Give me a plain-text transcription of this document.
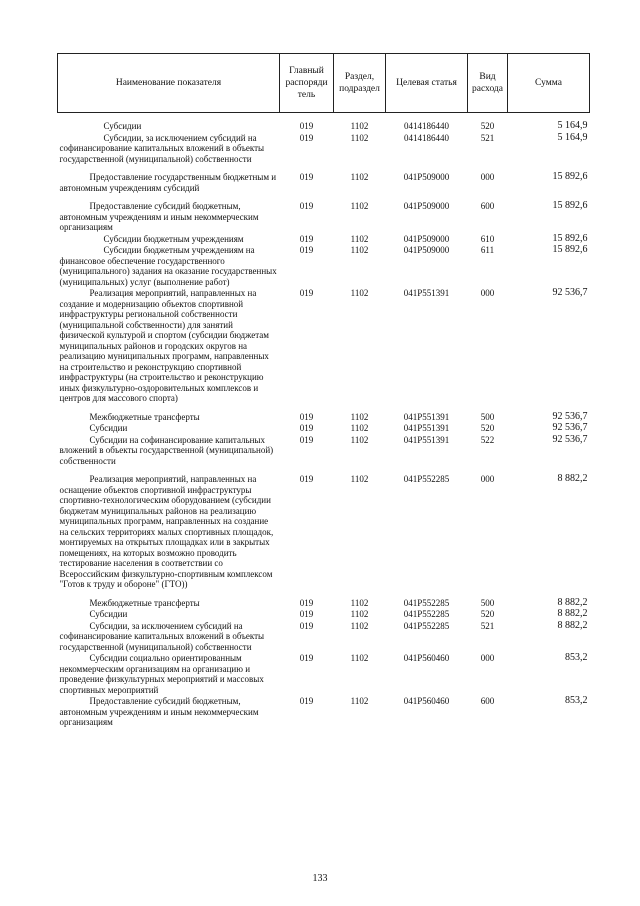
Наименование показателя	Главный распоряди тель	Раздел, подраздел	Целевая статья	Вид расхода	Сумма
Субсидии	019	1102	0414186440	520	5 164,9
Субсидии, за исключением субсидий на софинансирование капитальных вложений в объекты государственной (муниципальной) собственности	019	1102	0414186440	521	5 164,9
Предоставление государственным бюджетным и автономным учреждениям субсидий	019	1102	041P509000	000	15 892,6
Предоставление субсидий бюджетным, автономным учреждениям и иным некоммерческим организациям	019	1102	041P509000	600	15 892,6
Субсидии бюджетным учреждениям	019	1102	041P509000	610	15 892,6
Субсидии бюджетным учреждениям на финансовое обеспечение государственного (муниципального) задания на оказание государственных (муниципальных) услуг (выполнение работ)	019	1102	041P509000	611	15 892,6
Реализация мероприятий, направленных на создание и модернизацию объектов спортивной инфраструктуры региональной собственности (муниципальной собственности) для занятий физической культурой и спортом (субсидии бюджетам муниципальных районов и городских округов на реализацию муниципальных программ, направленных на строительство и реконструкцию спортивной инфраструктуры (на строительство и реконструкцию иных физкультурно-оздоровительных комплексов и центров для массового спорта)	019	1102	041P551391	000	92 536,7
Межбюджетные трансферты	019	1102	041P551391	500	92 536,7
Субсидии	019	1102	041P551391	520	92 536,7
Субсидии на софинансирование капитальных вложений в объекты государственной (муниципальной) собственности	019	1102	041P551391	522	92 536,7
Реализация мероприятий, направленных на оснащение объектов спортивной инфраструктуры спортивно-технологическим оборудованием (субсидии бюджетам муниципальных районов на реализацию муниципальных программ, направленных на создание на сельских территориях малых спортивных площадок, монтируемых на открытых площадках или в закрытых помещениях, на которых возможно проводить тестирование населения в соответствии со Всероссийским физкультурно-спортивным комплексом "Готов к труду и обороне" (ГТО))	019	1102	041P552285	000	8 882,2
Межбюджетные трансферты	019	1102	041P552285	500	8 882,2
Субсидии	019	1102	041P552285	520	8 882,2
Субсидии, за исключением субсидий на софинансирование капитальных вложений в объекты государственной (муниципальной) собственности	019	1102	041P552285	521	8 882,2
Субсидии социально ориентированным некоммерческим организациям на организацию и проведение физкультурных мероприятий и массовых спортивных мероприятий	019	1102	041P560460	000	853,2
Предоставление субсидий бюджетным, автономным учреждениям и иным некоммерческим организациям	019	1102	041P560460	600	853,2
133
